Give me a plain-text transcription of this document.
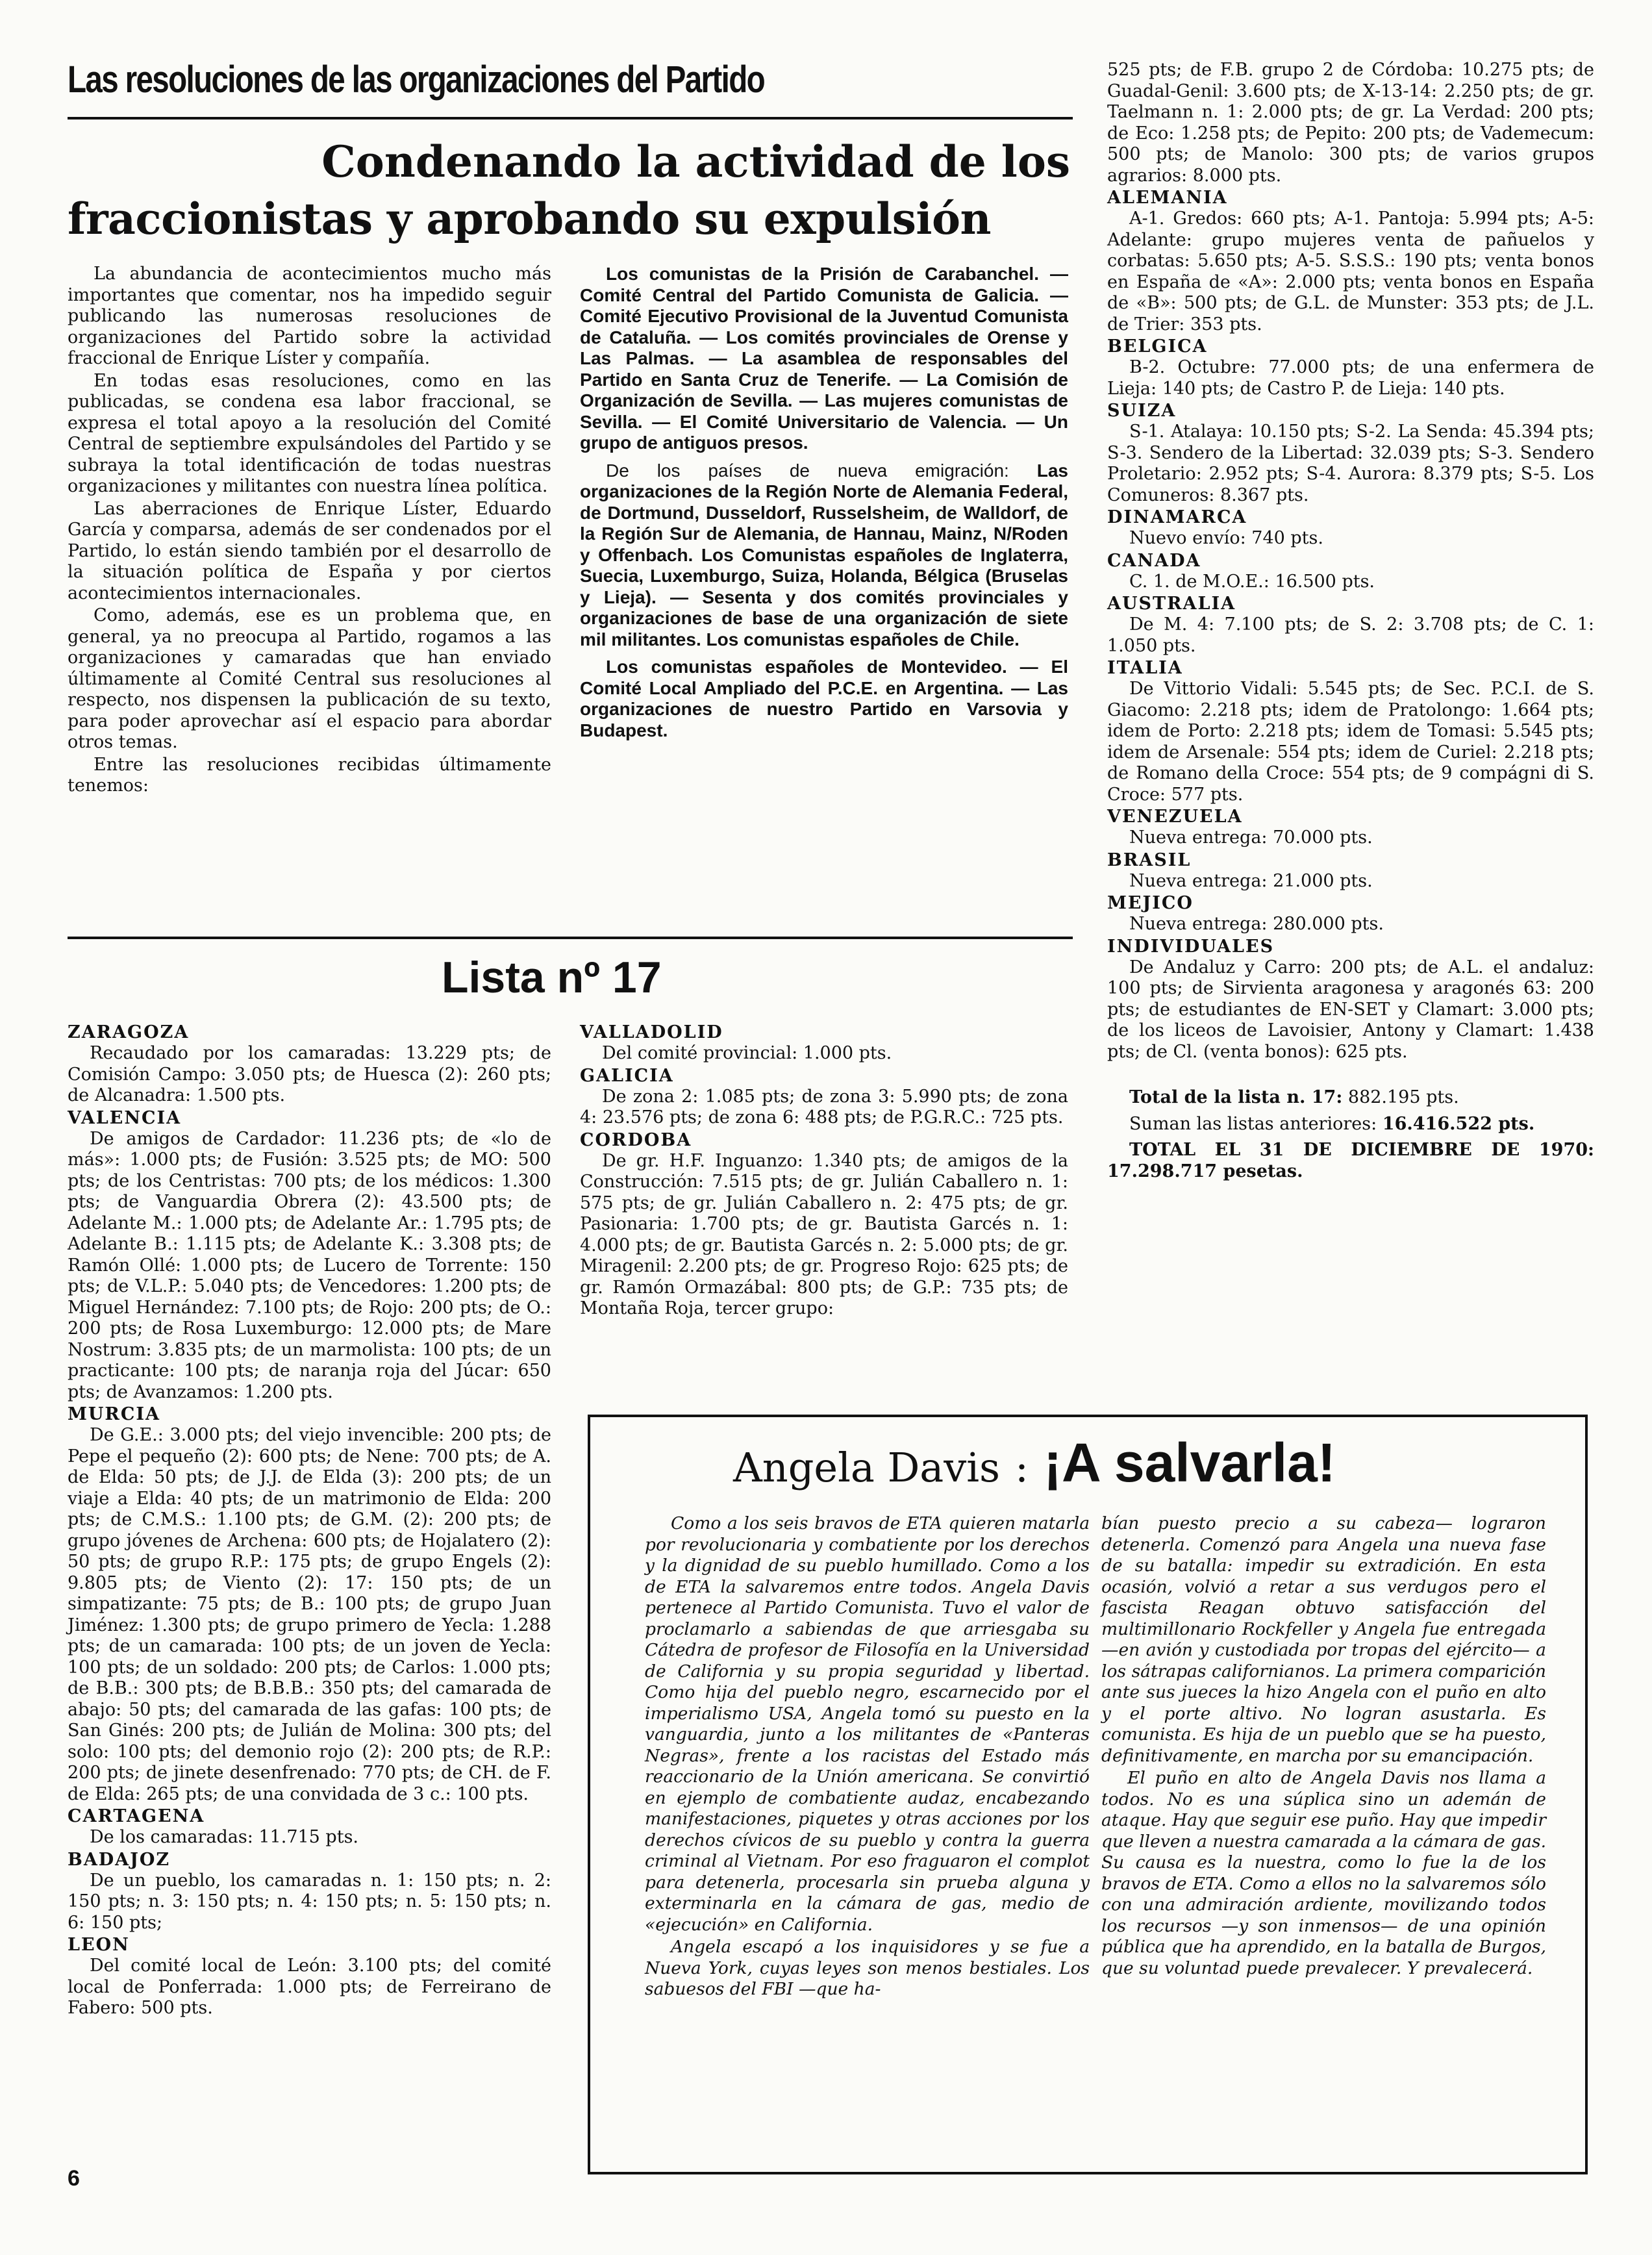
Las resoluciones de las organizaciones del Partido
Condenando la actividad de los
fraccionistas y aprobando su expulsión

La abundancia de acontecimientos mucho más importantes que comentar, nos ha impedido seguir publicando las numerosas resoluciones de organizaciones del Partido sobre la actividad fraccional de Enrique Líster y compañía.

En todas esas resoluciones, como en las publicadas, se condena esa labor fraccional, se expresa el total apoyo a la resolución del Comité Central de septiembre expulsándoles del Partido y se subraya la total identificación de todas nuestras organizaciones y militantes con nuestra línea política.

Las aberraciones de Enrique Líster, Eduardo García y comparsa, además de ser condenados por el Partido, lo están siendo también por el desarrollo de la situación política de España y por ciertos acontecimientos internacionales.

Como, además, ese es un problema que, en general, ya no preocupa al Partido, rogamos a las organizaciones y camaradas que han enviado últimamente al Comité Central sus resoluciones al respecto, nos dispensen la publicación de su texto, para poder aprovechar así el espacio para abordar otros temas.

Entre las resoluciones recibidas últimamente tenemos:

Los comunistas de la Prisión de Carabanchel. — Comité Central del Partido Comunista de Galicia. — Comité Ejecutivo Provisional de la Juventud Comunista de Cataluña. — Los comités provinciales de Orense y Las Palmas. — La asamblea de responsables del Partido en Santa Cruz de Tenerife. — La Comisión de Organización de Sevilla. — Las mujeres comunistas de Sevilla. — El Comité Universitario de Valencia. — Un grupo de antiguos presos.

De los países de nueva emigración: Las organizaciones de la Región Norte de Alemania Federal, de Dortmund, Dusseldorf, Russelsheim, de Walldorf, de la Región Sur de Alemania, de Hannau, Mainz, N/Roden y Offenbach. Los Comunistas españoles de Inglaterra, Suecia, Luxemburgo, Suiza, Holanda, Bélgica (Bruselas y Lieja). — Sesenta y dos comités provinciales y organizaciones de base de una organización de siete mil militantes. Los comunistas españoles de Chile.

Los comunistas españoles de Montevideo. — El Comité Local Ampliado del P.C.E. en Argentina. — Las organizaciones de nuestro Partido en Varsovia y Budapest.

525 pts; de F.B. grupo 2 de Córdoba: 10.275 pts; de Guadal-Genil: 3.600 pts; de X-13-14: 2.250 pts; de gr. Taelmann n. 1: 2.000 pts; de gr. La Verdad: 200 pts; de Eco: 1.258 pts; de Pepito: 200 pts; de Vademecum: 500 pts; de Manolo: 300 pts; de varios grupos agrarios: 8.000 pts.
ALEMANIA
A-1. Gredos: 660 pts; A-1. Pantoja: 5.994 pts; A-5: Adelante: grupo mujeres venta de pañuelos y corbatas: 5.650 pts; A-5. S.S.S.: 190 pts; venta bonos en España de «A»: 2.000 pts; venta bonos en España de «B»: 500 pts; de G.L. de Munster: 353 pts; de J.L. de Trier: 353 pts.
BELGICA
B-2. Octubre: 77.000 pts; de una enfermera de Lieja: 140 pts; de Castro P. de Lieja: 140 pts.
SUIZA
S-1. Atalaya: 10.150 pts; S-2. La Senda: 45.394 pts; S-3. Sendero de la Libertad: 32.039 pts; S-3. Sendero Proletario: 2.952 pts; S-4. Aurora: 8.379 pts; S-5. Los Comuneros: 8.367 pts.
DINAMARCA
Nuevo envío: 740 pts.
CANADA
C. 1. de M.O.E.: 16.500 pts.
AUSTRALIA
De M. 4: 7.100 pts; de S. 2: 3.708 pts; de C. 1: 1.050 pts.
ITALIA
De Vittorio Vidali: 5.545 pts; de Sec. P.C.I. de S. Giacomo: 2.218 pts; idem de Pratolongo: 1.664 pts; idem de Porto: 2.218 pts; idem de Tomasi: 5.545 pts; idem de Arsenale: 554 pts; idem de Curiel: 2.218 pts; de Romano della Croce: 554 pts; de 9 compágni di S. Croce: 577 pts.
VENEZUELA
Nueva entrega: 70.000 pts.
BRASIL
Nueva entrega: 21.000 pts.
MEJICO
Nueva entrega: 280.000 pts.
INDIVIDUALES
De Andaluz y Carro: 200 pts; de A.L. el andaluz: 100 pts; de Sirvienta aragonesa y aragonés 63: 200 pts; de estudiantes de EN-SET y Clamart: 3.000 pts; de los liceos de Lavoisier, Antony y Clamart: 1.438 pts; de Cl. (venta bonos): 625 pts.
Total de la lista n. 17: 882.195 pts.
Suman las listas anteriores: 16.416.522 pts.
TOTAL EL 31 DE DICIEMBRE DE 1970: 17.298.717 pesetas.
Lista nº 17
ZARAGOZA
Recaudado por los camaradas: 13.229 pts; de Comisión Campo: 3.050 pts; de Huesca (2): 260 pts; de Alcanadra: 1.500 pts.
VALENCIA
De amigos de Cardador: 11.236 pts; de «lo de más»: 1.000 pts; de Fusión: 3.525 pts; de MO: 500 pts; de los Centristas: 700 pts; de los médicos: 1.300 pts; de Vanguardia Obrera (2): 43.500 pts; de Adelante M.: 1.000 pts; de Adelante Ar.: 1.795 pts; de Adelante B.: 1.115 pts; de Adelante K.: 3.308 pts; de Ramón Ollé: 1.000 pts; de Lucero de Torrente: 150 pts; de V.L.P.: 5.040 pts; de Vencedores: 1.200 pts; de Miguel Hernández: 7.100 pts; de Rojo: 200 pts; de O.: 200 pts; de Rosa Luxemburgo: 12.000 pts; de Mare Nostrum: 3.835 pts; de un marmolista: 100 pts; de un practicante: 100 pts; de naranja roja del Júcar: 650 pts; de Avanzamos: 1.200 pts.
MURCIA
De G.E.: 3.000 pts; del viejo invencible: 200 pts; de Pepe el pequeño (2): 600 pts; de Nene: 700 pts; de A. de Elda: 50 pts; de J.J. de Elda (3): 200 pts; de un viaje a Elda: 40 pts; de un matrimonio de Elda: 200 pts; de C.M.S.: 1.100 pts; de G.M. (2): 200 pts; de grupo jóvenes de Archena: 600 pts; de Hojalatero (2): 50 pts; de grupo R.P.: 175 pts; de grupo Engels (2): 9.805 pts; de Viento (2): 17: 150 pts; de un simpatizante: 75 pts; de B.: 100 pts; de grupo Juan Jiménez: 1.300 pts; de grupo primero de Yecla: 1.288 pts; de un camarada: 100 pts; de un joven de Yecla: 100 pts; de un soldado: 200 pts; de Carlos: 1.000 pts; de B.B.: 300 pts; de B.B.B.: 350 pts; del camarada de abajo: 50 pts; del camarada de las gafas: 100 pts; de San Ginés: 200 pts; de Julián de Molina: 300 pts; del solo: 100 pts; del demonio rojo (2): 200 pts; de R.P.: 200 pts; de jinete desenfrenado: 770 pts; de CH. de F. de Elda: 265 pts; de una convidada de 3 c.: 100 pts.
CARTAGENA
De los camaradas: 11.715 pts.
BADAJOZ
De un pueblo, los camaradas n. 1: 150 pts; n. 2: 150 pts; n. 3: 150 pts; n. 4: 150 pts; n. 5: 150 pts; n. 6: 150 pts;
LEON
Del comité local de León: 3.100 pts; del comité local de Ponferrada: 1.000 pts; de Ferreirano de Fabero: 500 pts.
VALLADOLID
Del comité provincial: 1.000 pts.
GALICIA
De zona 2: 1.085 pts; de zona 3: 5.990 pts; de zona 4: 23.576 pts; de zona 6: 488 pts; de P.G.R.C.: 725 pts.
CORDOBA
De gr. H.F. Inguanzo: 1.340 pts; de amigos de la Construcción: 7.515 pts; de gr. Julián Caballero n. 1: 575 pts; de gr. Julián Caballero n. 2: 475 pts; de gr. Pasionaria: 1.700 pts; de gr. Bautista Garcés n. 1: 4.000 pts; de gr. Bautista Garcés n. 2: 5.000 pts; de gr. Miragenil: 2.200 pts; de gr. Progreso Rojo: 625 pts; de gr. Ramón Ormazábal: 800 pts; de G.P.: 735 pts; de Montaña Roja, tercer grupo:
Angela Davis : ¡A salvarla!

Como a los seis bravos de ETA quieren matarla por revolucionaria y combatiente por los derechos y la dignidad de su pueblo humillado. Como a los de ETA la salvaremos entre todos. Angela Davis pertenece al Partido Comunista. Tuvo el valor de proclamarlo a sabiendas de que arriesgaba su Cátedra de profesor de Filosofía en la Universidad de California y su propia seguridad y libertad. Como hija del pueblo negro, escarnecido por el imperialismo USA, Angela tomó su puesto en la vanguardia, junto a los militantes de «Panteras Negras», frente a los racistas del Estado más reaccionario de la Unión americana. Se convirtió en ejemplo de combatiente audaz, encabezando manifestaciones, piquetes y otras acciones por los derechos cívicos de su pueblo y contra la guerra criminal al Vietnam. Por eso fraguaron el complot para detenerla, procesarla sin prueba alguna y exterminarla en la cámara de gas, medio de «ejecución» en California.

Angela escapó a los inquisidores y se fue a Nueva York, cuyas leyes son menos bestiales. Los sabuesos del FBI —que ha-

bían puesto precio a su cabeza— lograron detenerla. Comenzó para Angela una nueva fase de su batalla: impedir su extradición. En esta ocasión, volvió a retar a sus verdugos pero el fascista Reagan obtuvo satisfacción del multimillonario Rockfeller y Angela fue entregada —en avión y custodiada por tropas del ejército— a los sátrapas californianos. La primera comparición ante sus jueces la hizo Angela con el puño en alto y el porte altivo. No logran asustarla. Es comunista. Es hija de un pueblo que se ha puesto, definitivamente, en marcha por su emancipación.

El puño en alto de Angela Davis nos llama a todos. No es una súplica sino un ademán de ataque. Hay que seguir ese puño. Hay que impedir que lleven a nuestra camarada a la cámara de gas. Su causa es la nuestra, como lo fue la de los bravos de ETA. Como a ellos no la salvaremos sólo con una admiración ardiente, movilizando todos los recursos —y son inmensos— de una opinión pública que ha aprendido, en la batalla de Burgos, que su voluntad puede prevalecer. Y prevalecerá.

6
